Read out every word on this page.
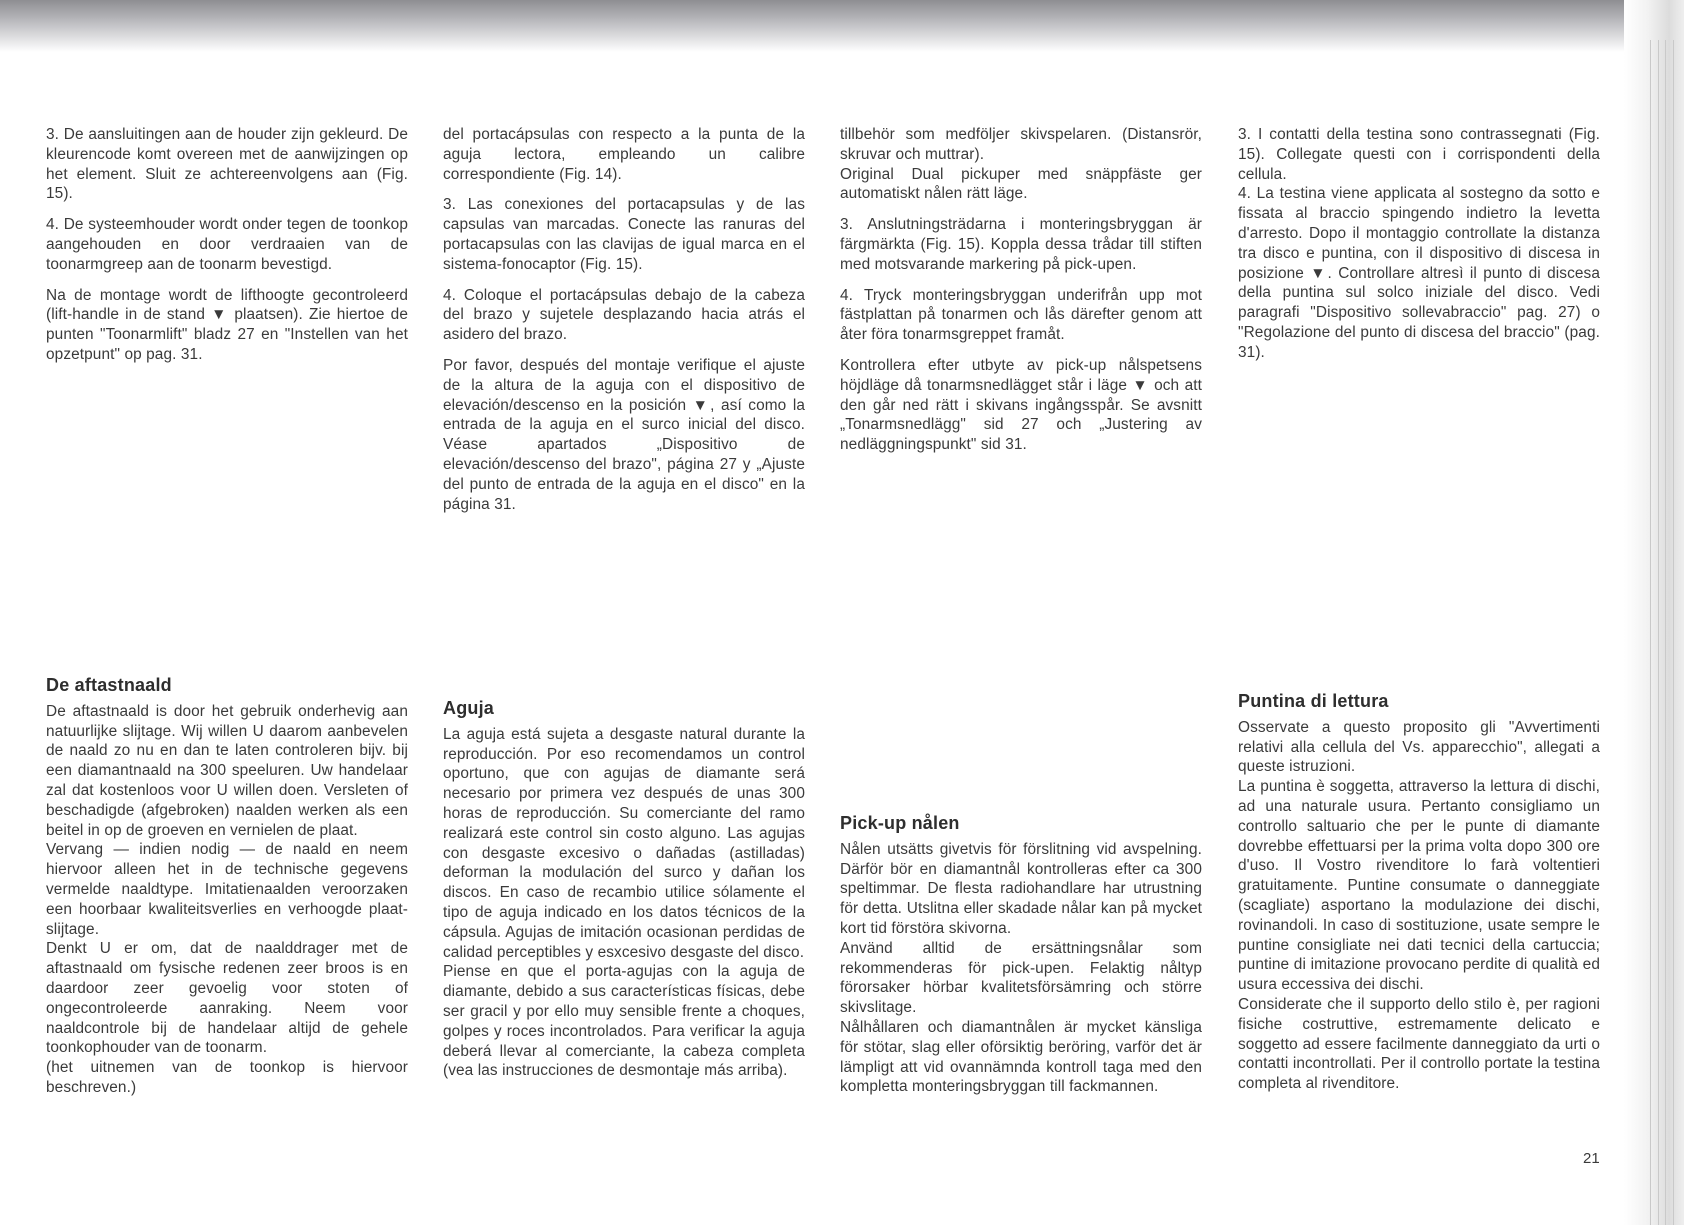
3. De aansluitingen aan de houder zijn gekleurd. De kleurencode komt overeen met de aanwijzingen op het element. Sluit ze achtereenvolgens aan (Fig. 15).

4. De systeemhouder wordt onder tegen de toonkop aangehouden en door verdraaien van de toonarmgreep aan de toonarm bevestigd.

Na de montage wordt de lifthoogte gecontroleerd (lift-handle in de stand ▼ plaatsen). Zie hiertoe de punten "Toonarmlift" bladz 27 en "Instellen van het opzetpunt" op pag. 31.

De aftastnaald

De aftastnaald is door het gebruik onderhevig aan natuurlijke slijtage. Wij willen U daarom aanbevelen de naald zo nu en dan te laten controleren bijv. bij een diamantnaald na 300 speeluren. Uw handelaar zal dat kostenloos voor U willen doen. Versleten of beschadigde (afgebroken) naalden werken als een beitel in op de groeven en vernielen de plaat.

Vervang — indien nodig — de naald en neem hiervoor alleen het in de technische gegevens vermelde naaldtype. Imitatienaalden veroorzaken een hoorbaar kwaliteitsverlies en verhoogde plaat-slijtage.

Denkt U er om, dat de naalddrager met de aftastnaald om fysische redenen zeer broos is en daardoor zeer gevoelig voor stoten of ongecontroleerde aanraking. Neem voor naaldcontrole bij de handelaar altijd de gehele toonkophouder van de toonarm.

(het uitnemen van de toonkop is hiervoor beschreven.)

del portacápsulas con respecto a la punta de la aguja lectora, empleando un calibre correspondiente (Fig. 14).

3. Las conexiones del portacapsulas y de las capsulas van marcadas. Conecte las ranuras del portacapsulas con las clavijas de igual marca en el sistema-fonocaptor (Fig. 15).

4. Coloque el portacápsulas debajo de la cabeza del brazo y sujetele desplazando hacia atrás el asidero del brazo.

Por favor, después del montaje verifique el ajuste de la altura de la aguja con el dispositivo de elevación/descenso en la posición ▼, así como la entrada de la aguja en el surco inicial del disco. Véase apartados „Dispositivo de elevación/descenso del brazo", página 27 y „Ajuste del punto de entrada de la aguja en el disco" en la página 31.

Aguja

La aguja está sujeta a desgaste natural durante la reproducción. Por eso recomendamos un control oportuno, que con agujas de diamante será necesario por primera vez después de unas 300 horas de reproducción. Su comerciante del ramo realizará este control sin costo alguno. Las agujas con desgaste excesivo o dañadas (astilladas) deforman la modulación del surco y dañan los discos. En caso de recambio utilice sólamente el tipo de aguja indicado en los datos técnicos de la cápsula. Agujas de imitación ocasionan perdidas de calidad perceptibles y esxcesivo desgaste del disco.

Piense en que el porta-agujas con la aguja de diamante, debido a sus características físicas, debe ser gracil y por ello muy sensible frente a choques, golpes y roces incontrolados. Para verificar la aguja deberá llevar al comerciante, la cabeza completa (vea las instrucciones de desmontaje más arriba).

tillbehör som medföljer skivspelaren. (Distansrör, skruvar och muttrar).

Original Dual pickuper med snäppfäste ger automatiskt nålen rätt läge.

3. Anslutningsträdarna i monteringsbryggan är färgmärkta (Fig. 15). Koppla dessa trådar till stiften med motsvarande markering på pick-upen.

4. Tryck monteringsbryggan underifrån upp mot fästplattan på tonarmen och lås därefter genom att åter föra tonarmsgreppet framåt.

Kontrollera efter utbyte av pick-up nålspetsens höjdläge då tonarmsnedlägget står i läge ▼ och att den går ned rätt i skivans ingångsspår. Se avsnitt „Tonarmsnedlägg" sid 27 och „Justering av nedläggningspunkt" sid 31.

Pick-up nålen

Nålen utsätts givetvis för förslitning vid avspelning. Därför bör en diamantnål kontrolleras efter ca 300 speltimmar. De flesta radiohandlare har utrustning för detta. Utslitna eller skadade nålar kan på mycket kort tid förstöra skivorna.

Använd alltid de ersättningsnålar som rekommenderas för pick-upen. Felaktig nåltyp förorsaker hörbar kvalitetsförsämring och större skivslitage.

Nålhållaren och diamantnålen är mycket känsliga för stötar, slag eller oförsiktig beröring, varför det är lämpligt att vid ovannämnda kontroll taga med den kompletta monteringsbryggan till fackmannen.

3. I contatti della testina sono contrassegnati (Fig. 15). Collegate questi con i corrispondenti della cellula.

4. La testina viene applicata al sostegno da sotto e fissata al braccio spingendo indietro la levetta d'arresto. Dopo il montaggio controllate la distanza tra disco e puntina, con il dispositivo di discesa in posizione ▼. Controllare altresì il punto di discesa della puntina sul solco iniziale del disco. Vedi paragrafi "Dispositivo sollevabraccio" pag. 27) o "Regolazione del punto di discesa del braccio" (pag. 31).

Puntina di lettura

Osservate a questo proposito gli "Avvertimenti relativi alla cellula del Vs. apparecchio", allegati a queste istruzioni.

La puntina è soggetta, attraverso la lettura di dischi, ad una naturale usura. Pertanto consigliamo un controllo saltuario che per le punte di diamante dovrebbe effettuarsi per la prima volta dopo 300 ore d'uso. Il Vostro rivenditore lo farà voltentieri gratuitamente. Puntine consumate o danneggiate (scagliate) asportano la modulazione dei dischi, rovinandoli. In caso di sostituzione, usate sempre le puntine consigliate nei dati tecnici della cartuccia; puntine di imitazione provocano perdite di qualità ed usura eccessiva dei dischi.

Considerate che il supporto dello stilo è, per ragioni fisiche costruttive, estremamente delicato e soggetto ad essere facilmente danneggiato da urti o contatti incontrollati. Per il controllo portate la testina completa al rivenditore.

21
